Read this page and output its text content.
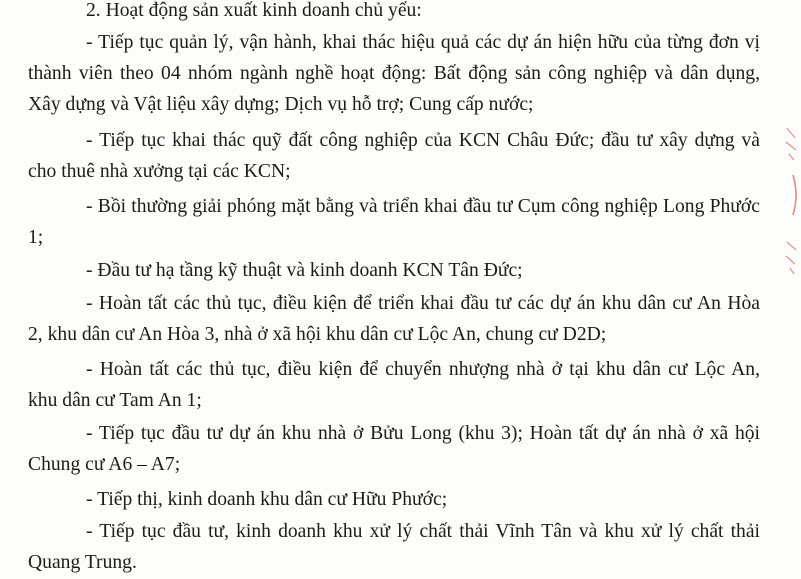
2. Hoạt động sản xuất kinh doanh chủ yếu:

- Tiếp tục quản lý, vận hành, khai thác hiệu quả các dự án hiện hữu của từng đơn vị

thành viên theo 04 nhóm ngành nghề hoạt động: Bất động sản công nghiệp và dân dụng,

Xây dựng và Vật liệu xây dựng; Dịch vụ hỗ trợ; Cung cấp nước;

- Tiếp tục khai thác quỹ đất công nghiệp của KCN Châu Đức; đầu tư xây dựng và

cho thuê nhà xưởng tại các KCN;

- Bồi thường giải phóng mặt bằng và triển khai đầu tư Cụm công nghiệp Long Phước

1;

- Đầu tư hạ tầng kỹ thuật và kinh doanh KCN Tân Đức;

- Hoàn tất các thủ tục, điều kiện để triển khai đầu tư các dự án khu dân cư An Hòa

2, khu dân cư An Hòa 3, nhà ở xã hội khu dân cư Lộc An, chung cư D2D;

- Hoàn tất các thủ tục, điều kiện để chuyển nhượng nhà ở tại khu dân cư Lộc An,

khu dân cư Tam An 1;

- Tiếp tục đầu tư dự án khu nhà ở Bửu Long (khu 3); Hoàn tất dự án nhà ở xã hội

Chung cư A6 – A7;

- Tiếp thị, kinh doanh khu dân cư Hữu Phước;

- Tiếp tục đầu tư, kinh doanh khu xử lý chất thải Vĩnh Tân và khu xử lý chất thải

Quang Trung.
